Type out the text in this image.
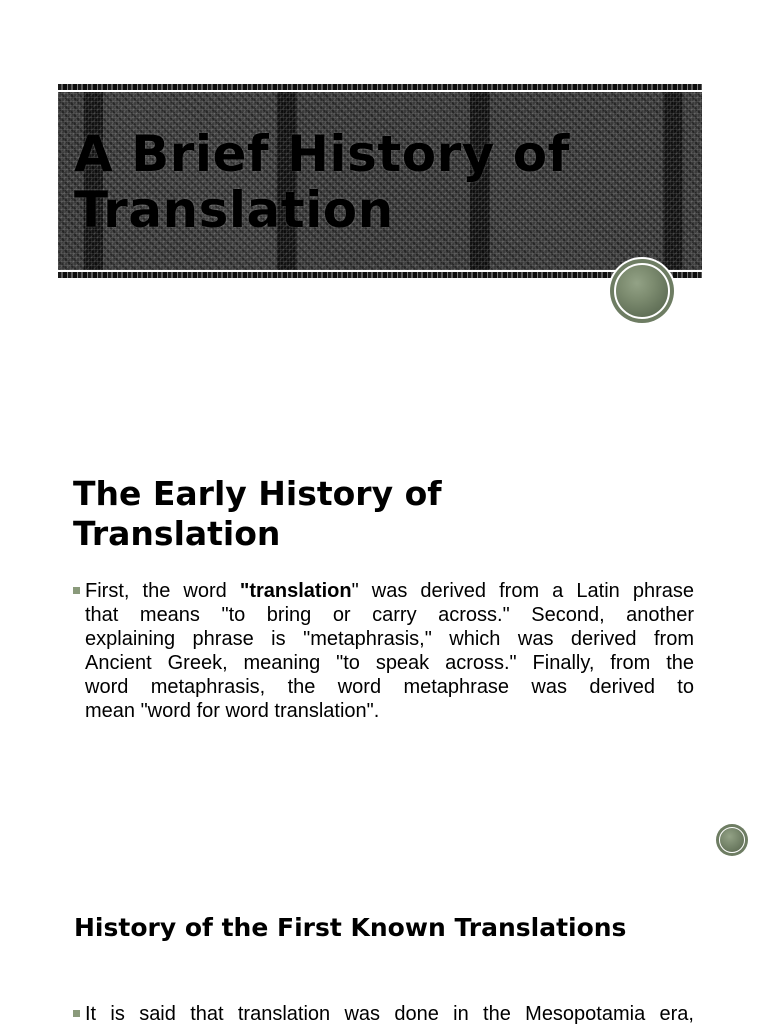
A Brief History of
Translation
The Early History of
Translation
First, the word "translation" was derived from a Latin phrase
that means "to bring or carry across." Second, another
explaining phrase is "metaphrasis," which was derived from
Ancient Greek, meaning "to speak across." Finally, from the
word metaphrasis, the word metaphrase was derived to
mean "word for word translation".
History of the First Known Translations
It is said that translation was done in the Mesopotamia era,
